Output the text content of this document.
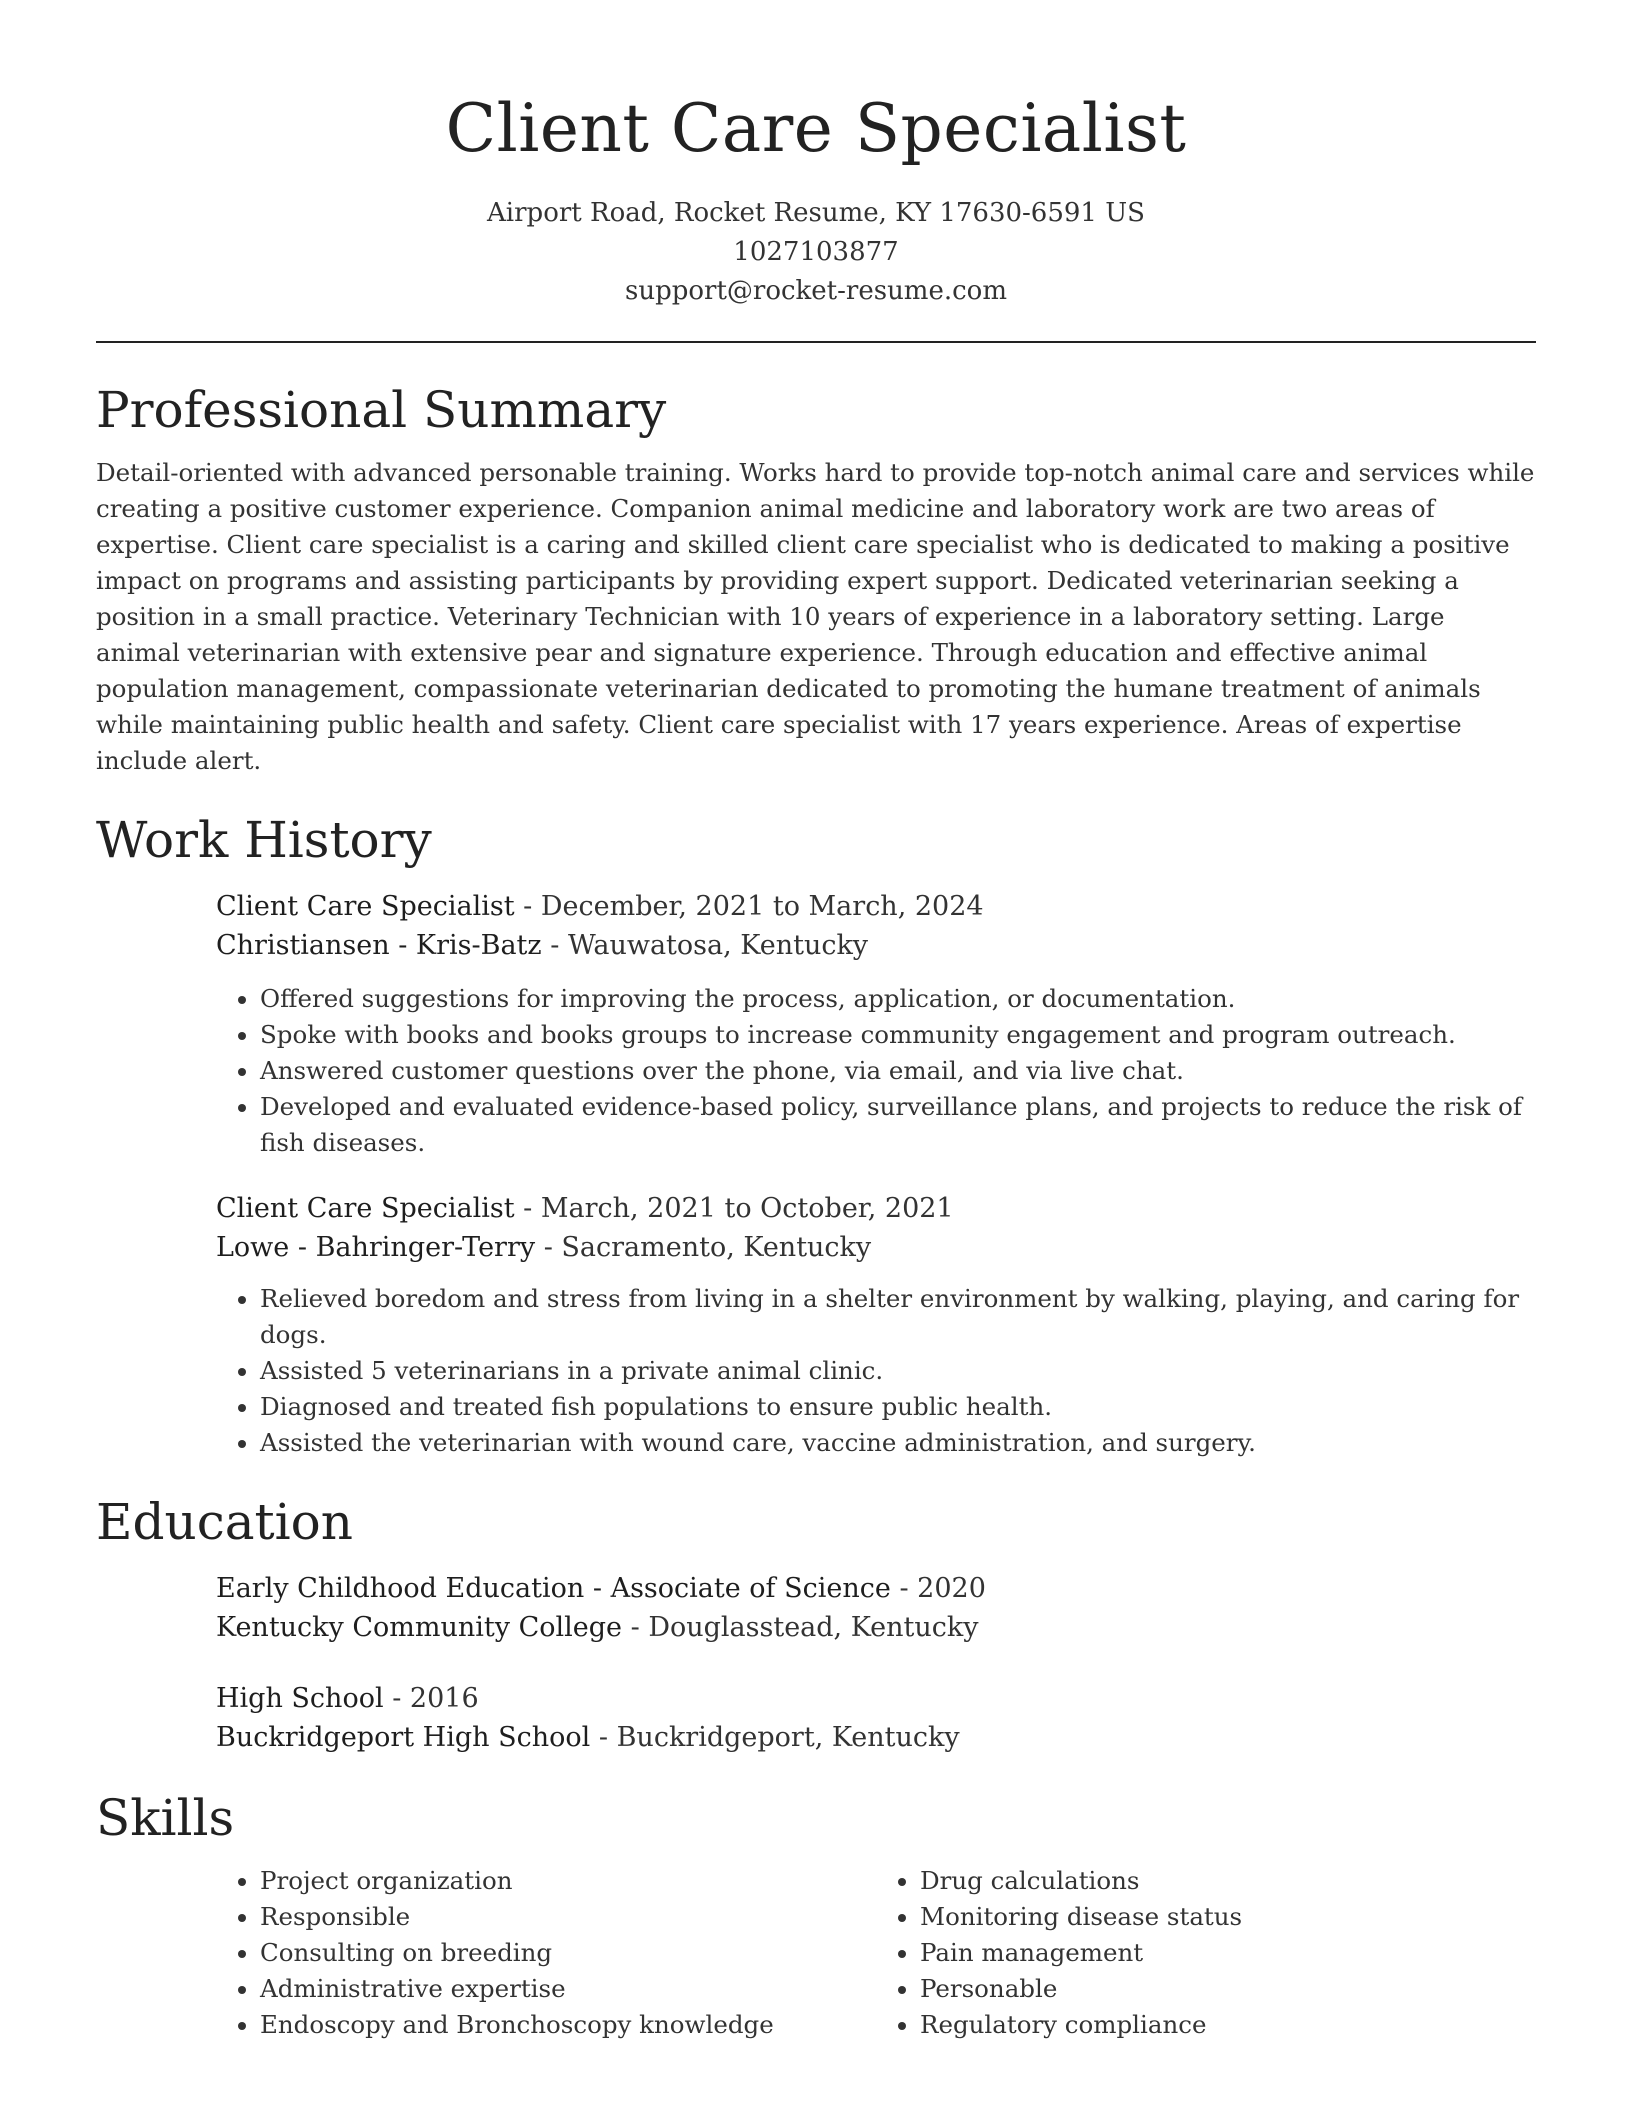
Client Care Specialist
Airport Road, Rocket Resume, KY 17630-6591 US
1027103877
support@rocket-resume.com
Professional Summary

Detail-oriented with advanced personable training. Works hard to provide top-notch animal care and services while creating a positive customer experience. Companion animal medicine and laboratory work are two areas of expertise. Client care specialist is a caring and skilled client care specialist who is dedicated to making a positive impact on programs and assisting participants by providing expert support. Dedicated veterinarian seeking a position in a small practice. Veterinary Technician with 10 years of experience in a laboratory setting. Large animal veterinarian with extensive pear and signature experience. Through education and effective animal population management, compassionate veterinarian dedicated to promoting the humane treatment of animals while maintaining public health and safety. Client care specialist with 17 years experience. Areas of expertise include alert.

Work History
Client Care Specialist - December, 2021 to March, 2024
Christiansen - Kris-Batz - Wauwatosa, Kentucky
• Offered suggestions for improving the process, application, or documentation.
• Spoke with books and books groups to increase community engagement and program outreach.
• Answered customer questions over the phone, via email, and via live chat.
• Developed and evaluated evidence-based policy, surveillance plans, and projects to reduce the risk of fish diseases.
Client Care Specialist - March, 2021 to October, 2021
Lowe - Bahringer-Terry - Sacramento, Kentucky
• Relieved boredom and stress from living in a shelter environment by walking, playing, and caring for dogs.
• Assisted 5 veterinarians in a private animal clinic.
• Diagnosed and treated fish populations to ensure public health.
• Assisted the veterinarian with wound care, vaccine administration, and surgery.
Education
Early Childhood Education - Associate of Science - 2020
Kentucky Community College - Douglasstead, Kentucky
High School - 2016
Buckridgeport High School - Buckridgeport, Kentucky
Skills
• Project organization
• Responsible
• Consulting on breeding
• Administrative expertise
• Endoscopy and Bronchoscopy knowledge
• Drug calculations
• Monitoring disease status
• Pain management
• Personable
• Regulatory compliance
